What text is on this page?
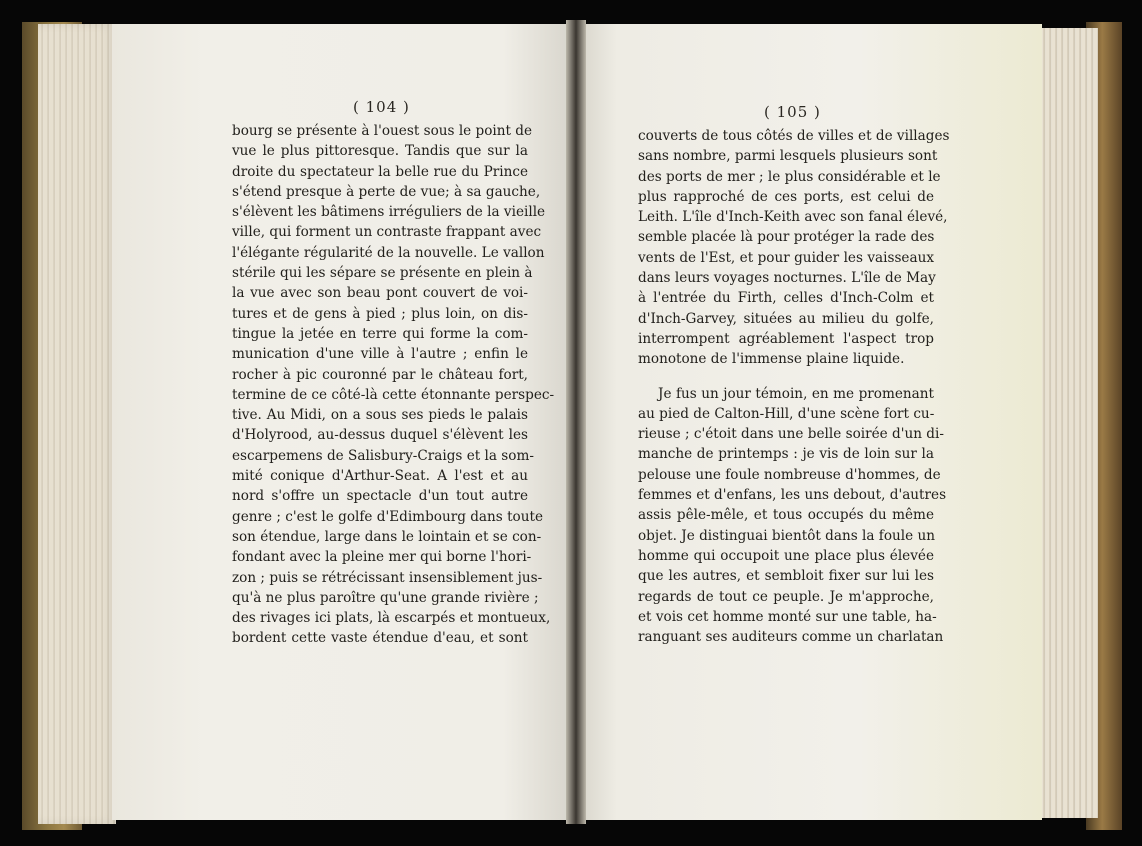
( 104 )	( 105 )
bourg se présente à l'ouest sous le point de
vue le plus pittoresque. Tandis que sur la
droite du spectateur la belle rue du Prince
s'étend presque à perte de vue; à sa gauche,
s'élèvent les bâtimens irréguliers de la vieille
ville, qui forment un contraste frappant avec
l'élégante régularité de la nouvelle. Le vallon
stérile qui les sépare se présente en plein à
la vue avec son beau pont couvert de voi-
tures et de gens à pied ; plus loin, on dis-
tingue la jetée en terre qui forme la com-
munication d'une ville à l'autre ; enfin le
rocher à pic couronné par le château fort,
termine de ce côté-là cette étonnante perspec-
tive. Au Midi, on a sous ses pieds le palais
d'Holyrood, au-dessus duquel s'élèvent les
escarpemens de Salisbury-Craigs et la som-
mité conique d'Arthur-Seat. A l'est et au
nord s'offre un spectacle d'un tout autre
genre ; c'est le golfe d'Edimbourg dans toute
son étendue, large dans le lointain et se con-
fondant avec la pleine mer qui borne l'hori-
zon ; puis se rétrécissant insensiblement jus-
qu'à ne plus paroître qu'une grande rivière ;
des rivages ici plats, là escarpés et montueux,
bordent cette vaste étendue d'eau, et sont
couverts de tous côtés de villes et de villages
sans nombre, parmi lesquels plusieurs sont
des ports de mer ; le plus considérable et le
plus rapproché de ces ports, est celui de
Leith. L'île d'Inch-Keith avec son fanal élevé,
semble placée là pour protéger la rade des
vents de l'Est, et pour guider les vaisseaux
dans leurs voyages nocturnes. L'île de May
à l'entrée du Firth, celles d'Inch-Colm et
d'Inch-Garvey, situées au milieu du golfe,
interrompent agréablement l'aspect trop
monotone de l'immense plaine liquide.
Je fus un jour témoin, en me promenant
au pied de Calton-Hill, d'une scène fort cu-
rieuse ; c'étoit dans une belle soirée d'un di-
manche de printemps : je vis de loin sur la
pelouse une foule nombreuse d'hommes, de
femmes et d'enfans, les uns debout, d'autres
assis pêle-mêle, et tous occupés du même
objet. Je distinguai bientôt dans la foule un
homme qui occupoit une place plus élevée
que les autres, et sembloit fixer sur lui les
regards de tout ce peuple. Je m'approche,
et vois cet homme monté sur une table, ha-
ranguant ses auditeurs comme un charlatan
